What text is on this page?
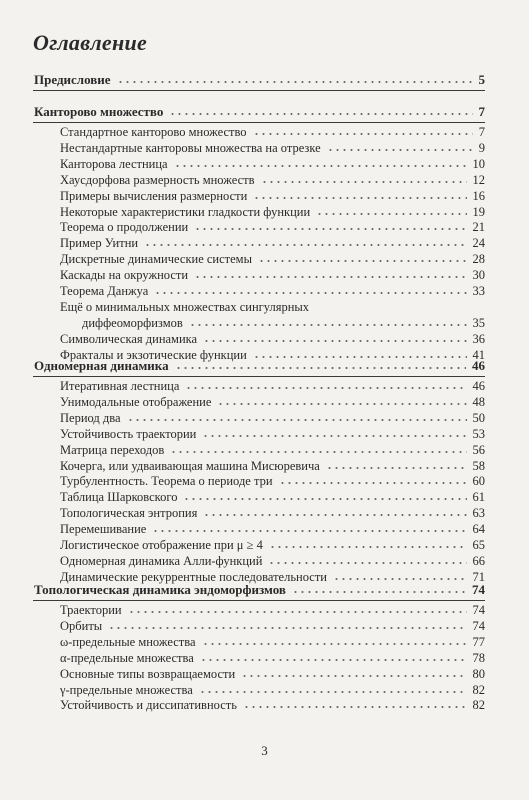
Оглавление
Предисловие	5
Канторово множество	7
Стандартное канторово множество	7
Нестандартные канторовы множества на отрезке	9
Канторова лестница	10
Хаусдорфова размерность множеств	12
Примеры вычисления размерности	16
Некоторые характеристики гладкости функции	19
Теорема о продолжении	21
Пример Уитни	24
Дискретные динамические системы	28
Каскады на окружности	30
Теорема Данжуа	33
Ещё о минимальных множествах сингулярных
диффеоморфизмов	35
Символическая динамика	36
Фракталы и экзотические функции	41
Одномерная динамика	46
Итеративная лестница	46
Унимодальные отображение	48
Период два	50
Устойчивость траектории	53
Матрица переходов	56
Кочерга, или удваивающая машина Мисюревича	58
Турбулентность. Теорема о периоде три	60
Таблица Шарковского	61
Топологическая энтропия	63
Перемешивание	64
Логистическое отображение при μ ≥ 4	65
Одномерная динамика Алли-функций	66
Динамические рекуррентные последовательности	71
Топологическая динамика эндоморфизмов	74
Траектории	74
Орбиты	74
ω-предельные множества	77
α-предельные множества	78
Основные типы возвращаемости	80
γ-предельные множества	82
Устойчивость и диссипативность	82
3
